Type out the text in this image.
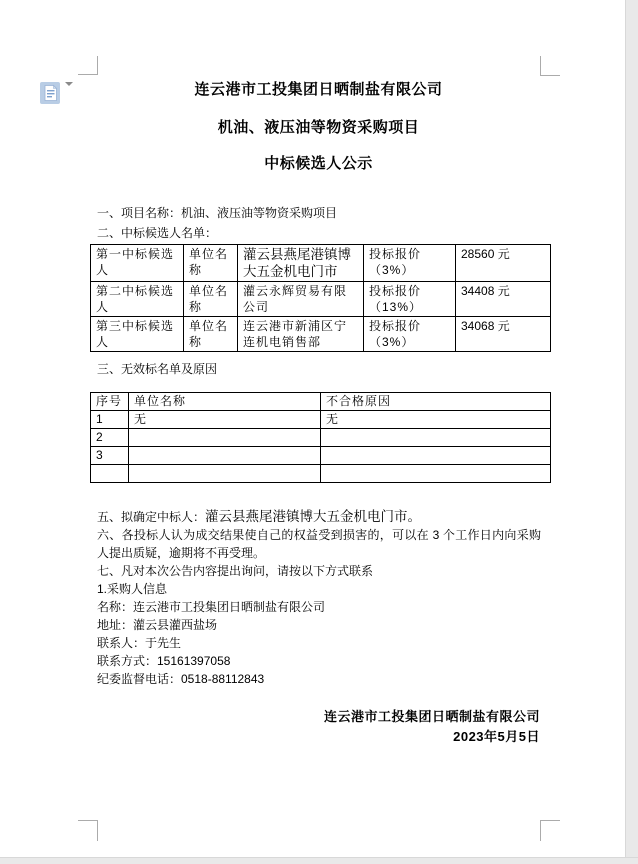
连云港市工投集团日晒制盐有限公司
机油、液压油等物资采购项目
中标候选人公示
一、项目名称：机油、液压油等物资采购项目
二、中标候选人名单：
第一中标候选人	单位名称	灌云县燕尾港镇博大五金机电门市	投标报价（3%）	28560 元
第二中标候选人	单位名称	灌云永辉贸易有限公司	投标报价（13%）	34408 元
第三中标候选人	单位名称	连云港市新浦区宁连机电销售部	投标报价（3%）	34068 元
三、无效标名单及原因
序号	单位名称	不合格原因
1	无	无
2		
3		

五、拟确定中标人：灌云县燕尾港镇博大五金机电门市。

六、各投标人认为成交结果使自己的权益受到损害的，可以在 3 个工作日内向采购人提出质疑，逾期将不再受理。

七、凡对本次公告内容提出询问，请按以下方式联系

1.采购人信息

名称：连云港市工投集团日晒制盐有限公司

地址：灌云县灌西盐场

联系人：于先生

联系方式：15161397058

纪委监督电话：0518-88112843

连云港市工投集团日晒制盐有限公司
2023年5月5日
